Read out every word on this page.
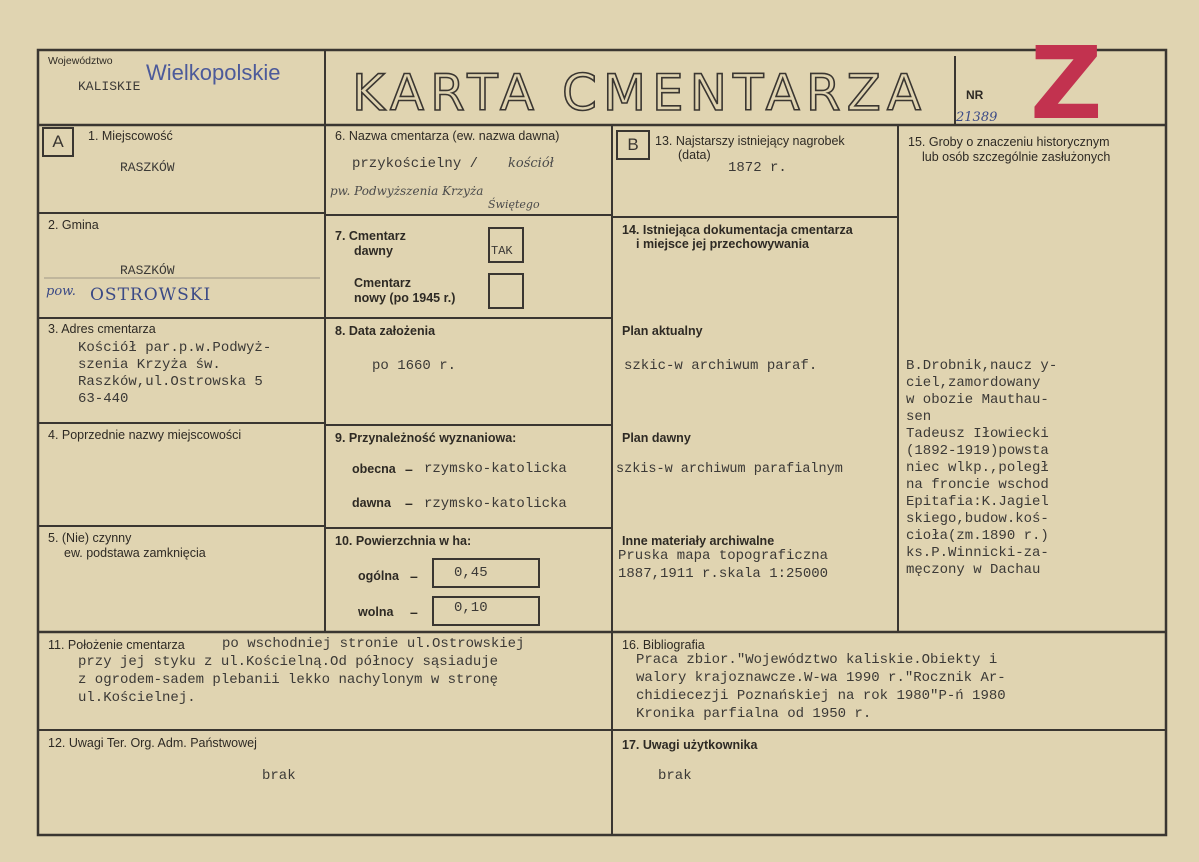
Województwo
KALISKIE
Wielkopolskie KARTA CMENTARZA	NR
21389 Z
A	B
1. Miejscowość
RASZKÓW
2. Gmina
RASZKÓW
pow. OSTROWSKI
3. Adres cmentarza
Kościół par.p.w.Podwyż-
szenia Krzyża św.
Raszków,ul.Ostrowska 5
63-440
4. Poprzednie nazwy miejscowości
5. (Nie) czynny
ew. podstawa zamknięcia
6. Nazwa cmentarza (ew. nazwa dawna)
przykościelny / kościół
pw. Podwyższenia Krzyża
Świętego
7. Cmentarz
dawny	TAK
Cmentarz
nowy (po 1945 r.)
8. Data założenia
po 1660 r.
9. Przynależność wyznaniowa:
obecna – rzymsko-katolicka
dawna – rzymsko-katolicka
10. Powierzchnia w ha:
ogólna –	0,45
wolna –	0,10
13. Najstarszy istniejący nagrobek
(data)
1872 r.
14. Istniejąca dokumentacja cmentarza
i miejsce jej przechowywania
Plan aktualny
szkic-w archiwum paraf.
Plan dawny
szkis-w archiwum parafialnym
Inne materiały archiwalne
Pruska mapa topograficzna
1887,1911 r.skala 1:25000
15. Groby o znaczeniu historycznym
lub osób szczególnie zasłużonych
B.Drobnik,naucz y-
ciel,zamordowany
w obozie Mauthau-
sen
Tadeusz Iłowiecki
(1892-1919)powsta
niec wlkp.,poległ
na froncie wschod
Epitafia:K.Jagiel
skiego,budow.koś-
cioła(zm.1890 r.)
ks.P.Winnicki-za-
męczony w Dachau
11. Położenie cmentarza	po wschodniej stronie ul.Ostrowskiej
przy jej styku z ul.Kościelną.Od północy sąsiaduje
z ogrodem-sadem plebanii lekko nachylonym w stronę
ul.Kościelnej.
16. Bibliografia
Praca zbior."Województwo kaliskie.Obiekty i
walory krajoznawcze.W-wa 1990 r."Rocznik Ar-
chidiecezji Poznańskiej na rok 1980"P-ń 1980
Kronika parfialna od 1950 r.
12. Uwagi Ter. Org. Adm. Państwowej
brak
17. Uwagi użytkownika
brak
